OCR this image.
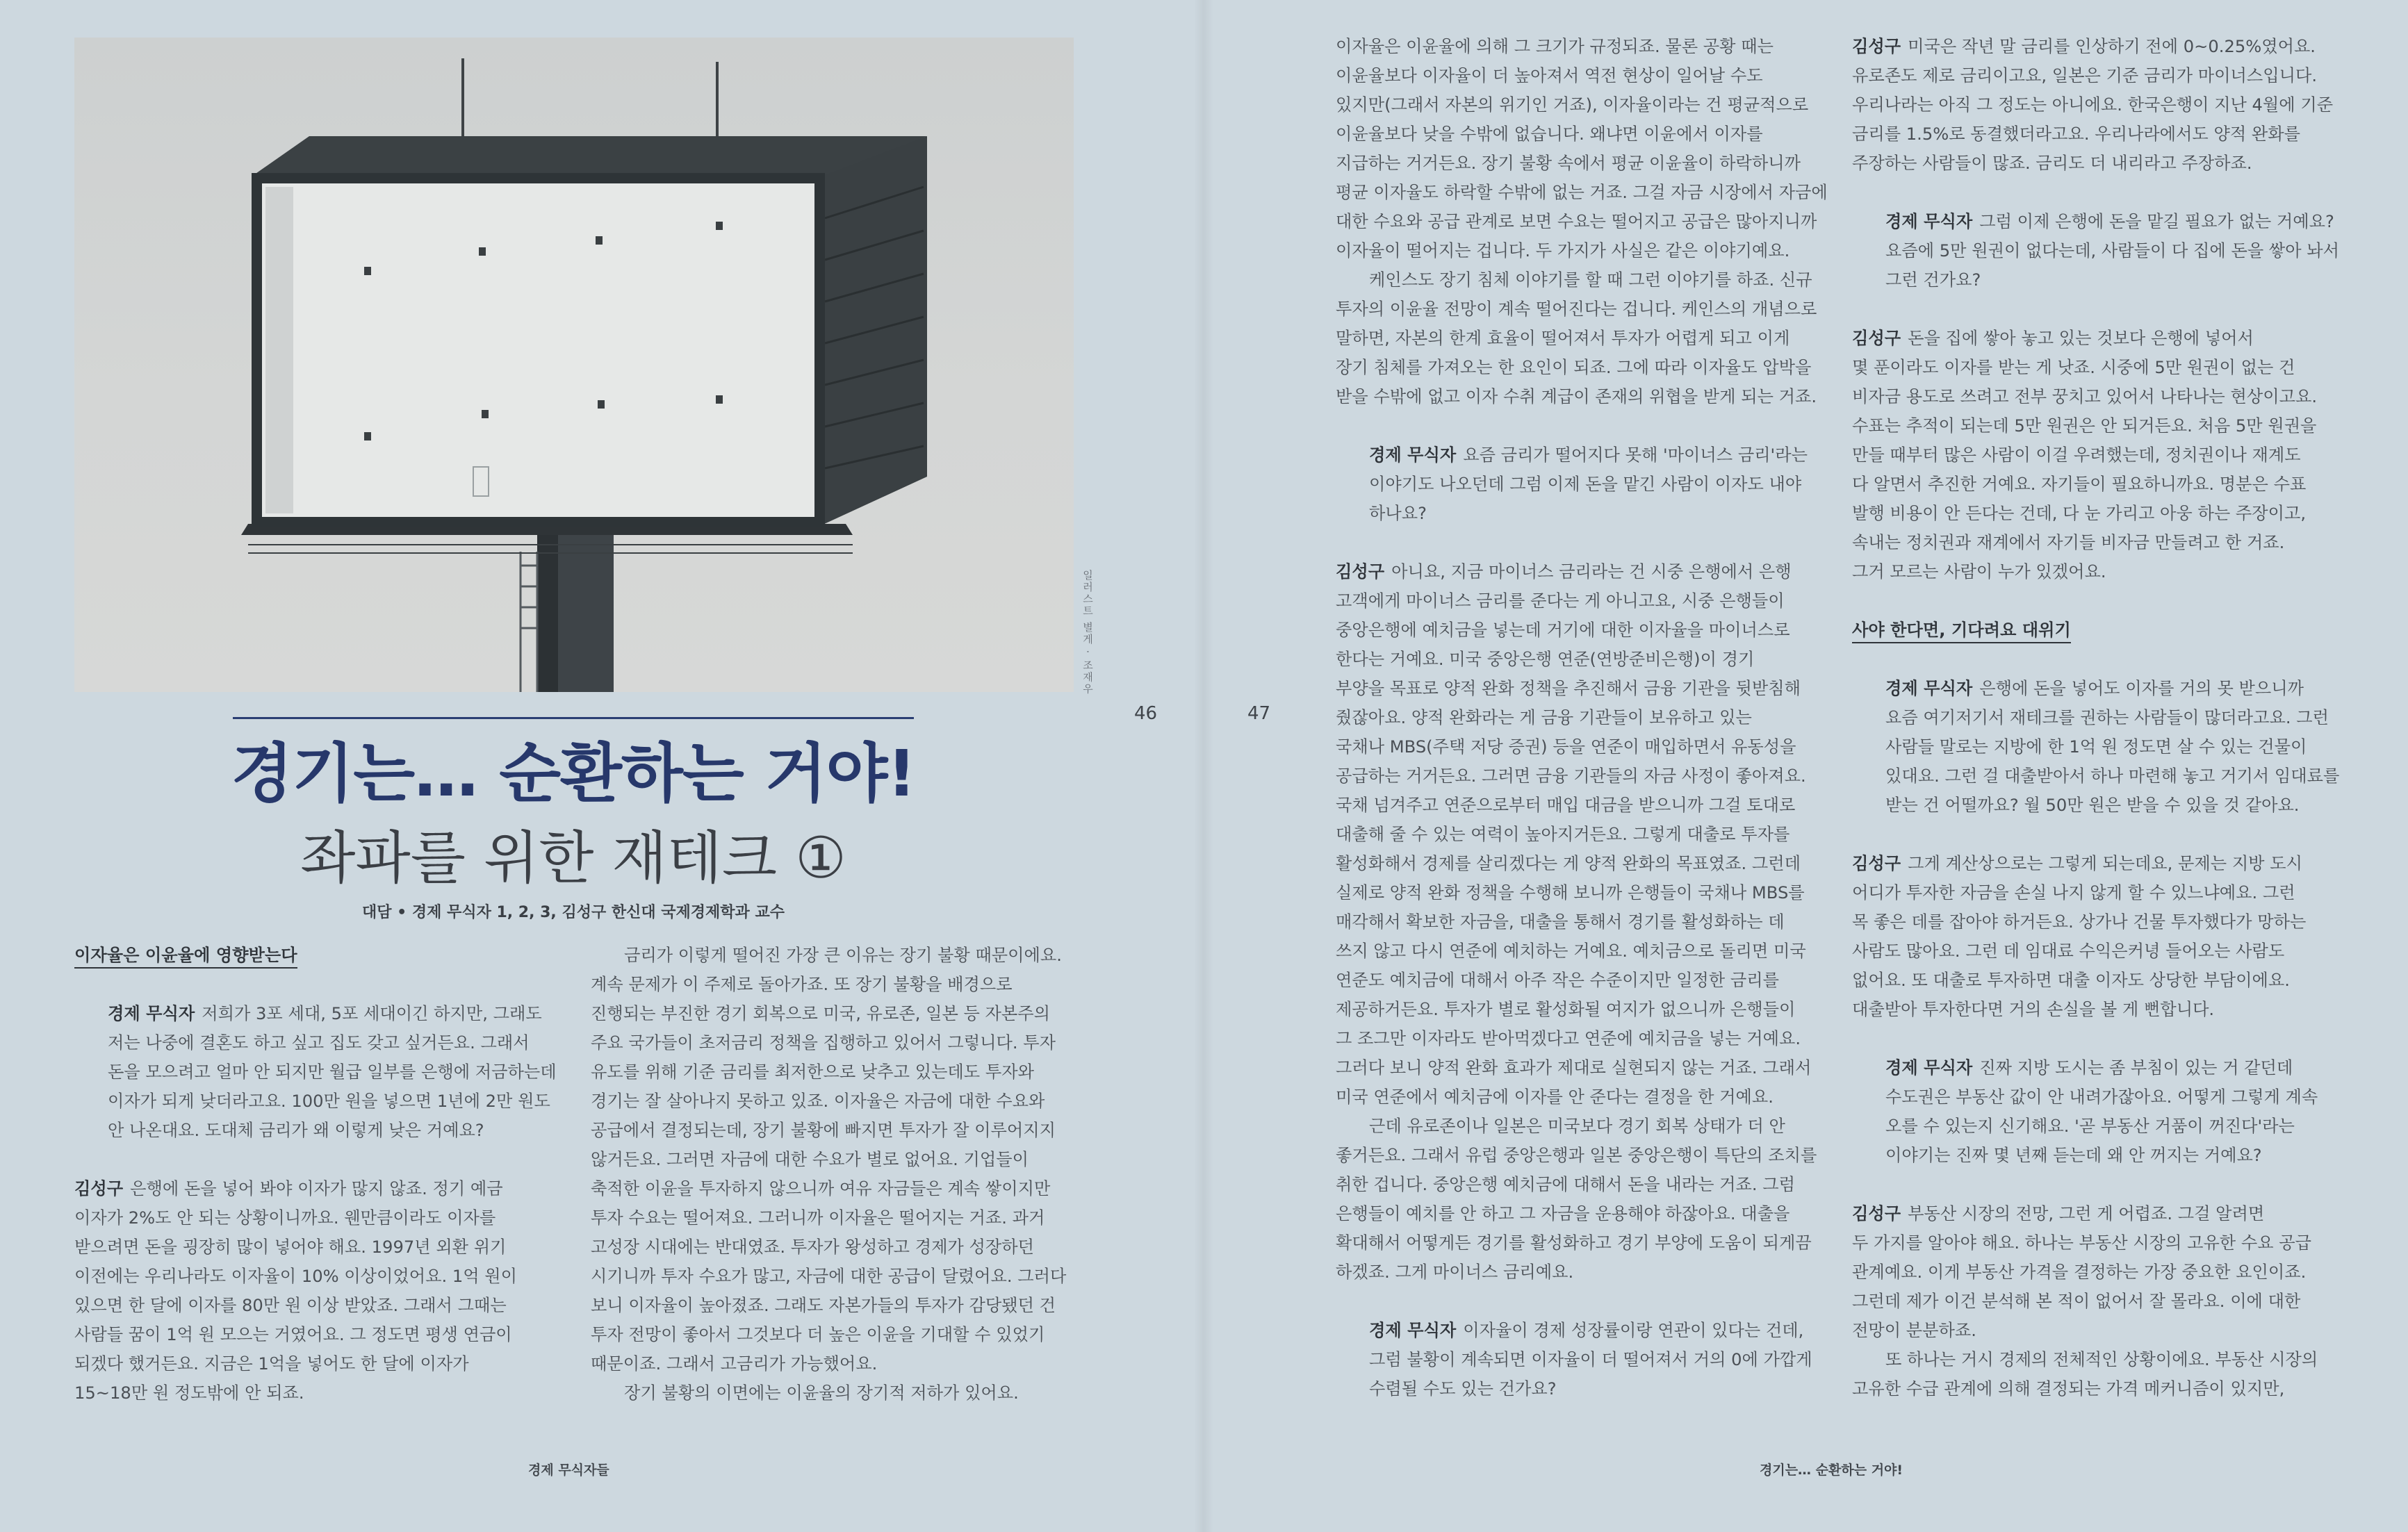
일러스트 별게 · 조재우
경기는… 순환하는 거야!
좌파를 위한 재테크 ①
대담 • 경제 무식자 1, 2, 3, 김성구 한신대 국제경제학과 교수
46	47

이자율은 이윤율에 영향받는다

경제 무식자 저희가 3포 세대, 5포 세대이긴 하지만, 그래도
저는 나중에 결혼도 하고 싶고 집도 갖고 싶거든요. 그래서
돈을 모으려고 얼마 안 되지만 월급 일부를 은행에 저금하는데
이자가 되게 낮더라고요. 100만 원을 넣으면 1년에 2만 원도
안 나온대요. 도대체 금리가 왜 이렇게 낮은 거예요?

김성구 은행에 돈을 넣어 봐야 이자가 많지 않죠. 정기 예금
이자가 2%도 안 되는 상황이니까요. 웬만큼이라도 이자를
받으려면 돈을 굉장히 많이 넣어야 해요. 1997년 외환 위기
이전에는 우리나라도 이자율이 10% 이상이었어요. 1억 원이
있으면 한 달에 이자를 80만 원 이상 받았죠. 그래서 그때는
사람들 꿈이 1억 원 모으는 거였어요. 그 정도면 평생 연금이
되겠다 했거든요. 지금은 1억을 넣어도 한 달에 이자가
15~18만 원 정도밖에 안 되죠.

금리가 이렇게 떨어진 가장 큰 이유는 장기 불황 때문이에요.
계속 문제가 이 주제로 돌아가죠. 또 장기 불황을 배경으로
진행되는 부진한 경기 회복으로 미국, 유로존, 일본 등 자본주의
주요 국가들이 초저금리 정책을 집행하고 있어서 그렇니다. 투자
유도를 위해 기준 금리를 최저한으로 낮추고 있는데도 투자와
경기는 잘 살아나지 못하고 있죠. 이자율은 자금에 대한 수요와
공급에서 결정되는데, 장기 불황에 빠지면 투자가 잘 이루어지지
않거든요. 그러면 자금에 대한 수요가 별로 없어요. 기업들이
축적한 이윤을 투자하지 않으니까 여유 자금들은 계속 쌓이지만
투자 수요는 떨어져요. 그러니까 이자율은 떨어지는 거죠. 과거
고성장 시대에는 반대였죠. 투자가 왕성하고 경제가 성장하던
시기니까 투자 수요가 많고, 자금에 대한 공급이 달렸어요. 그러다
보니 이자율이 높아졌죠. 그래도 자본가들의 투자가 감당됐던 건
투자 전망이 좋아서 그것보다 더 높은 이윤을 기대할 수 있었기
때문이죠. 그래서 고금리가 가능했어요.
장기 불황의 이면에는 이윤율의 장기적 저하가 있어요.

경제 무식자들

이자율은 이윤율에 의해 그 크기가 규정되죠. 물론 공황 때는
이윤율보다 이자율이 더 높아져서 역전 현상이 일어날 수도
있지만(그래서 자본의 위기인 거죠), 이자율이라는 건 평균적으로
이윤율보다 낮을 수밖에 없습니다. 왜냐면 이윤에서 이자를
지급하는 거거든요. 장기 불황 속에서 평균 이윤율이 하락하니까
평균 이자율도 하락할 수밖에 없는 거죠. 그걸 자금 시장에서 자금에
대한 수요와 공급 관계로 보면 수요는 떨어지고 공급은 많아지니까
이자율이 떨어지는 겁니다. 두 가지가 사실은 같은 이야기예요.

케인스도 장기 침체 이야기를 할 때 그런 이야기를 하죠. 신규
투자의 이윤율 전망이 계속 떨어진다는 겁니다. 케인스의 개념으로
말하면, 자본의 한계 효율이 떨어져서 투자가 어렵게 되고 이게
장기 침체를 가져오는 한 요인이 되죠. 그에 따라 이자율도 압박을
받을 수밖에 없고 이자 수취 계급이 존재의 위협을 받게 되는 거죠.

경제 무식자 요즘 금리가 떨어지다 못해 '마이너스 금리'라는
이야기도 나오던데 그럼 이제 돈을 맡긴 사람이 이자도 내야
하나요?

김성구 아니요, 지금 마이너스 금리라는 건 시중 은행에서 은행
고객에게 마이너스 금리를 준다는 게 아니고요, 시중 은행들이
중앙은행에 예치금을 넣는데 거기에 대한 이자율을 마이너스로
한다는 거예요. 미국 중앙은행 연준(연방준비은행)이 경기
부양을 목표로 양적 완화 정책을 추진해서 금융 기관을 뒷받침해
줬잖아요. 양적 완화라는 게 금융 기관들이 보유하고 있는
국채나 MBS(주택 저당 증권) 등을 연준이 매입하면서 유동성을
공급하는 거거든요. 그러면 금융 기관들의 자금 사정이 좋아져요.
국채 넘겨주고 연준으로부터 매입 대금을 받으니까 그걸 토대로
대출해 줄 수 있는 여력이 높아지거든요. 그렇게 대출로 투자를
활성화해서 경제를 살리겠다는 게 양적 완화의 목표였죠. 그런데
실제로 양적 완화 정책을 수행해 보니까 은행들이 국채나 MBS를
매각해서 확보한 자금을, 대출을 통해서 경기를 활성화하는 데
쓰지 않고 다시 연준에 예치하는 거예요. 예치금으로 돌리면 미국
연준도 예치금에 대해서 아주 작은 수준이지만 일정한 금리를
제공하거든요. 투자가 별로 활성화될 여지가 없으니까 은행들이
그 조그만 이자라도 받아먹겠다고 연준에 예치금을 넣는 거예요.
그러다 보니 양적 완화 효과가 제대로 실현되지 않는 거죠. 그래서
미국 연준에서 예치금에 이자를 안 준다는 결정을 한 거예요.

근데 유로존이나 일본은 미국보다 경기 회복 상태가 더 안
좋거든요. 그래서 유럽 중앙은행과 일본 중앙은행이 특단의 조치를
취한 겁니다. 중앙은행 예치금에 대해서 돈을 내라는 거죠. 그럼
은행들이 예치를 안 하고 그 자금을 운용해야 하잖아요. 대출을
확대해서 어떻게든 경기를 활성화하고 경기 부양에 도움이 되게끔
하겠죠. 그게 마이너스 금리예요.

경제 무식자 이자율이 경제 성장률이랑 연관이 있다는 건데,
그럼 불황이 계속되면 이자율이 더 떨어져서 거의 0에 가깝게
수렴될 수도 있는 건가요?

김성구 미국은 작년 말 금리를 인상하기 전에 0~0.25%였어요.
유로존도 제로 금리이고요, 일본은 기준 금리가 마이너스입니다.
우리나라는 아직 그 정도는 아니에요. 한국은행이 지난 4월에 기준
금리를 1.5%로 동결했더라고요. 우리나라에서도 양적 완화를
주장하는 사람들이 많죠. 금리도 더 내리라고 주장하죠.

경제 무식자 그럼 이제 은행에 돈을 맡길 필요가 없는 거예요?
요즘에 5만 원권이 없다는데, 사람들이 다 집에 돈을 쌓아 놔서
그런 건가요?

김성구 돈을 집에 쌓아 놓고 있는 것보다 은행에 넣어서
몇 푼이라도 이자를 받는 게 낫죠. 시중에 5만 원권이 없는 건
비자금 용도로 쓰려고 전부 꿍치고 있어서 나타나는 현상이고요.
수표는 추적이 되는데 5만 원권은 안 되거든요. 처음 5만 원권을
만들 때부터 많은 사람이 이걸 우려했는데, 정치권이나 재계도
다 알면서 추진한 거예요. 자기들이 필요하니까요. 명분은 수표
발행 비용이 안 든다는 건데, 다 눈 가리고 아웅 하는 주장이고,
속내는 정치권과 재계에서 자기들 비자금 만들려고 한 거죠.
그거 모르는 사람이 누가 있겠어요.

사야 한다면, 기다려요 대위기

경제 무식자 은행에 돈을 넣어도 이자를 거의 못 받으니까
요즘 여기저기서 재테크를 권하는 사람들이 많더라고요. 그런
사람들 말로는 지방에 한 1억 원 정도면 살 수 있는 건물이
있대요. 그런 걸 대출받아서 하나 마련해 놓고 거기서 임대료를
받는 건 어떨까요? 월 50만 원은 받을 수 있을 것 같아요.

김성구 그게 계산상으로는 그렇게 되는데요, 문제는 지방 도시
어디가 투자한 자금을 손실 나지 않게 할 수 있느냐예요. 그런
목 좋은 데를 잡아야 하거든요. 상가나 건물 투자했다가 망하는
사람도 많아요. 그런 데 임대료 수익은커녕 들어오는 사람도
없어요. 또 대출로 투자하면 대출 이자도 상당한 부담이에요.
대출받아 투자한다면 거의 손실을 볼 게 뻔합니다.

경제 무식자 진짜 지방 도시는 좀 부침이 있는 거 같던데
수도권은 부동산 값이 안 내려가잖아요. 어떻게 그렇게 계속
오를 수 있는지 신기해요. '곧 부동산 거품이 꺼진다'라는
이야기는 진짜 몇 년째 듣는데 왜 안 꺼지는 거예요?

김성구 부동산 시장의 전망, 그런 게 어렵죠. 그걸 알려면
두 가지를 알아야 해요. 하나는 부동산 시장의 고유한 수요 공급
관계예요. 이게 부동산 가격을 결정하는 가장 중요한 요인이죠.
그런데 제가 이건 분석해 본 적이 없어서 잘 몰라요. 이에 대한
전망이 분분하죠.

또 하나는 거시 경제의 전체적인 상황이에요. 부동산 시장의
고유한 수급 관계에 의해 결정되는 가격 메커니즘이 있지만,

경기는… 순환하는 거야!
